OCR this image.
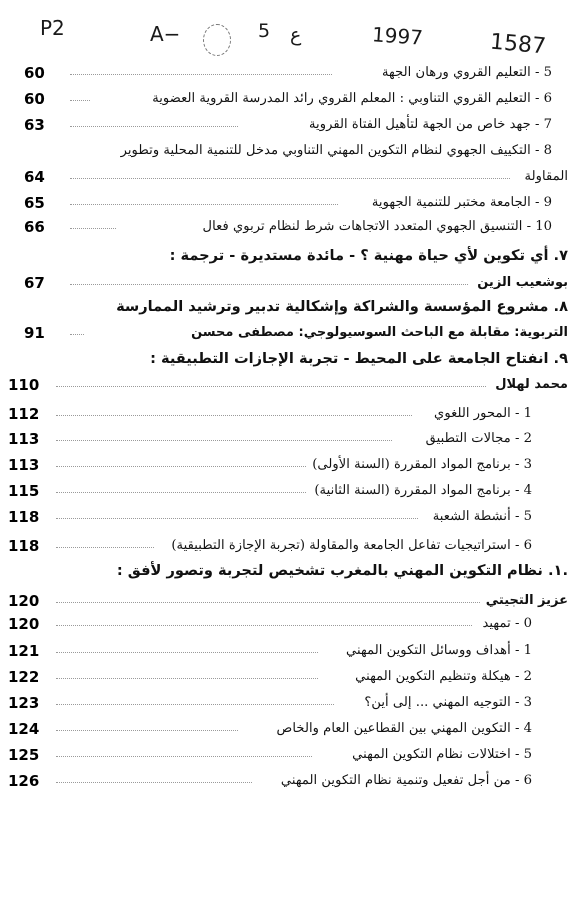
P2	A−	5 ع	1997	1587
60	5 - التعليم القروي ورهان الجهة
60	6 - التعليم القروي التناوبي : المعلم القروي رائد المدرسة القروية العضوية
63	7 - جهد خاص من الجهة لتأهيل الفتاة القروية
8 - التكييف الجهوي لنظام التكوين المهني التناوبي مدخل للتنمية المحلية وتطوير
64	المقاولة
65	9 - الجامعة مختبر للتنمية الجهوية
66	10 - التنسيق الجهوي المتعدد الاتجاهات شرط لنظام تربوي فعال
٧. أي تكوين لأي حياة مهنية ؟ - مائدة مستديرة - ترجمة :
67	بوشعيب الزين
٨. مشروع المؤسسة والشراكة وإشكالية تدبير وترشيد الممارسة
91	التربوية: مقابلة مع الباحث السوسيولوجي: مصطفى محسن
٩. انفتاح الجامعة على المحيط - تجربة الإجازات التطبيقية :
110	محمد لهلال
112	1 - المحور اللغوي
113	2 - مجالات التطبيق
113	3 - برنامج المواد المقررة (السنة الأولى)
115	4 - برنامج المواد المقررة (السنة الثانية)
118	5 - أنشطة الشعبة
118	6 - استراتيجيات تفاعل الجامعة والمقاولة (تجربة الإجازة التطبيقية)
.١. نظام التكوين المهني بالمغرب تشخيص لتجربة وتصور لأفق :
120	عزيز التجيتي
120	0 - تمهيد
121	1 - أهداف ووسائل التكوين المهني
122	2 - هيكلة وتنظيم التكوين المهني
123	3 - التوجيه المهني ... إلى أين؟
124	4 - التكوين المهني بين القطاعين العام والخاص
125	5 - اختلالات نظام التكوين المهني
126	6 - من أجل تفعيل وتنمية نظام التكوين المهني
